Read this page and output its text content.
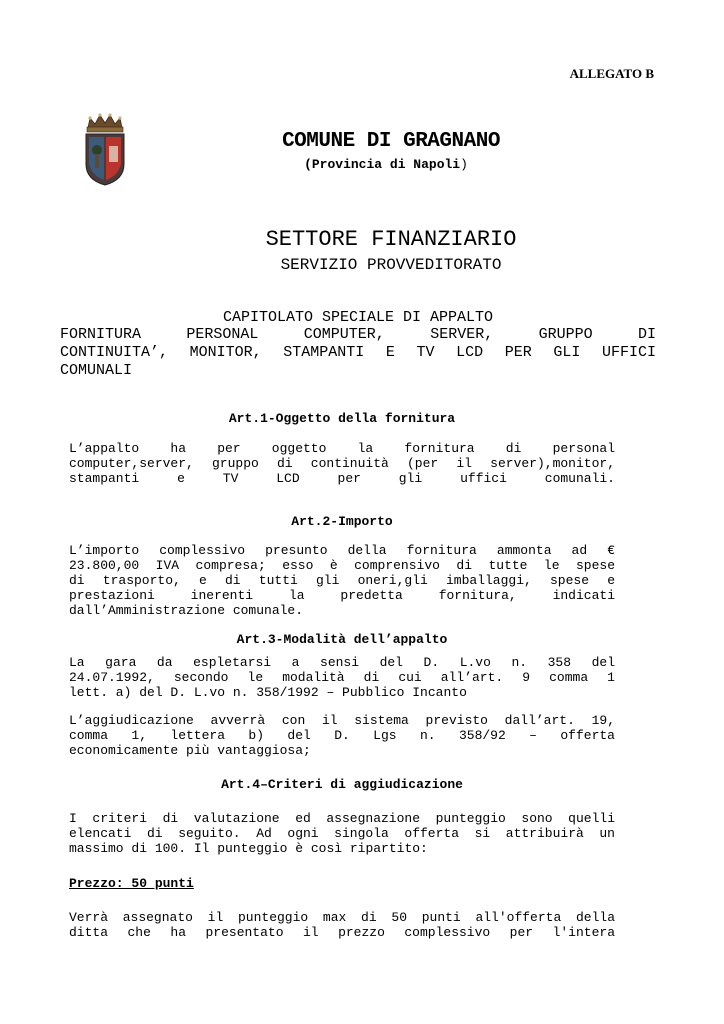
ALLEGATO B
COMUNE DI GRAGNANO
(Provincia di Napoli)
SETTORE FINANZIARIO
SERVIZIO PROVVEDITORATO
CAPITOLATO SPECIALE DI APPALTO
FORNITURA PERSONAL COMPUTER, SERVER, GRUPPO DI
CONTINUITA’, MONITOR, STAMPANTI E TV LCD PER GLI UFFICI
COMUNALI
Art.1-Oggetto della fornitura
L’appalto ha per oggetto la fornitura di personal
computer,server, gruppo di continuità (per il server),monitor,
stampanti e TV LCD per gli uffici comunali.
Art.2-Importo
L’importo complessivo presunto della fornitura ammonta ad €
23.800,00 IVA compresa; esso è comprensivo di tutte le spese
di trasporto, e di tutti gli oneri,gli imballaggi, spese e
prestazioni inerenti la predetta fornitura, indicati
dall’Amministrazione comunale.
Art.3-Modalità dell’appalto
La gara da espletarsi a sensi del D. L.vo n. 358 del
24.07.1992, secondo le modalità di cui all’art. 9 comma 1
lett. a) del D. L.vo n. 358/1992 – Pubblico Incanto
L’aggiudicazione avverrà con il sistema previsto dall’art. 19,
comma 1, lettera b) del D. Lgs n. 358/92 – offerta
economicamente più vantaggiosa;
Art.4–Criteri di aggiudicazione
I criteri di valutazione ed assegnazione punteggio sono quelli
elencati di seguito. Ad ogni singola offerta si attribuirà un
massimo di 100. Il punteggio è così ripartito:
Prezzo: 50 punti
Verrà assegnato il punteggio max di 50 punti all'offerta della
ditta che ha presentato il prezzo complessivo per l'intera
